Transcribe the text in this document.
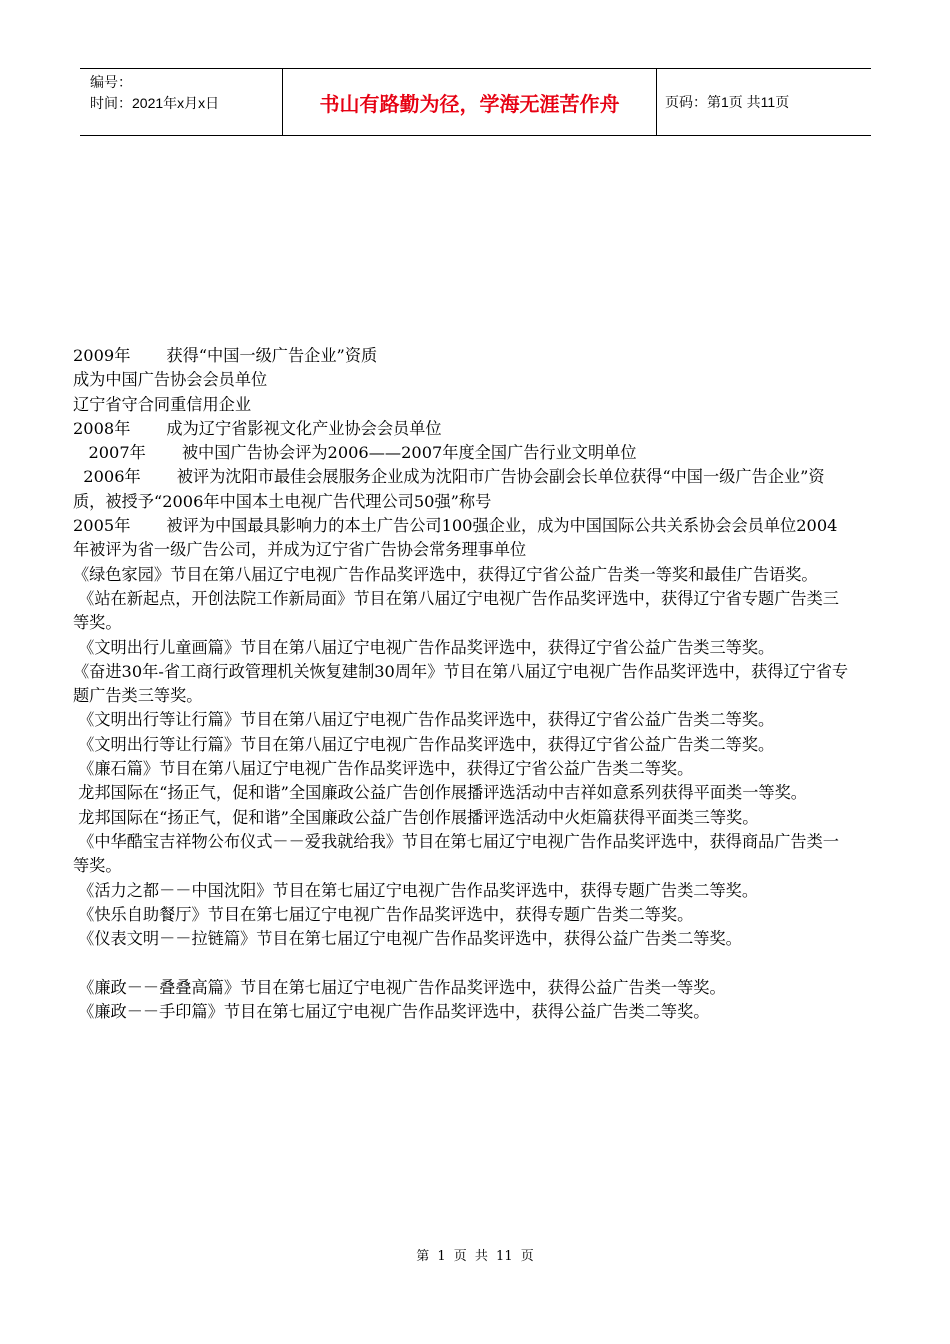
编号：
时间：2021年x月x日	书山有路勤为径，学海无涯苦作舟	页码：第1页 共11页

2009年       获得“中国一级广告企业”资质

成为中国广告协会会员单位

辽宁省守合同重信用企业

2008年       成为辽宁省影视文化产业协会会员单位

2007年       被中国广告协会评为2006——2007年度全国广告行业文明单位

2006年       被评为沈阳市最佳会展服务企业成为沈阳市广告协会副会长单位获得“中国一级广告企业”资质，被授予“2006年中国本土电视广告代理公司50强”称号

2005年       被评为中国最具影响力的本土广告公司100强企业，成为中国国际公共关系协会会员单位2004年被评为省一级广告公司，并成为辽宁省广告协会常务理事单位

《绿色家园》节目在第八届辽宁电视广告作品奖评选中，获得辽宁省公益广告类一等奖和最佳广告语奖。

《站在新起点，开创法院工作新局面》节目在第八届辽宁电视广告作品奖评选中，获得辽宁省专题广告类三等奖。

《文明出行儿童画篇》节目在第八届辽宁电视广告作品奖评选中，获得辽宁省公益广告类三等奖。

《奋进30年-省工商行政管理机关恢复建制30周年》节目在第八届辽宁电视广告作品奖评选中，获得辽宁省专题广告类三等奖。

《文明出行等让行篇》节目在第八届辽宁电视广告作品奖评选中，获得辽宁省公益广告类二等奖。

《文明出行等让行篇》节目在第八届辽宁电视广告作品奖评选中，获得辽宁省公益广告类二等奖。

《廉石篇》节目在第八届辽宁电视广告作品奖评选中，获得辽宁省公益广告类二等奖。

龙邦国际在“扬正气，促和谐”全国廉政公益广告创作展播评选活动中吉祥如意系列获得平面类一等奖。

龙邦国际在“扬正气，促和谐”全国廉政公益广告创作展播评选活动中火炬篇获得平面类三等奖。

《中华酷宝吉祥物公布仪式－－爱我就给我》节目在第七届辽宁电视广告作品奖评选中，获得商品广告类一等奖。

《活力之都－－中国沈阳》节目在第七届辽宁电视广告作品奖评选中，获得专题广告类二等奖。

《快乐自助餐厅》节目在第七届辽宁电视广告作品奖评选中，获得专题广告类二等奖。

《仪表文明－－拉链篇》节目在第七届辽宁电视广告作品奖评选中，获得公益广告类二等奖。

《廉政－－叠叠高篇》节目在第七届辽宁电视广告作品奖评选中，获得公益广告类一等奖。

《廉政－－手印篇》节目在第七届辽宁电视广告作品奖评选中，获得公益广告类二等奖。

第 1 页 共 11 页
